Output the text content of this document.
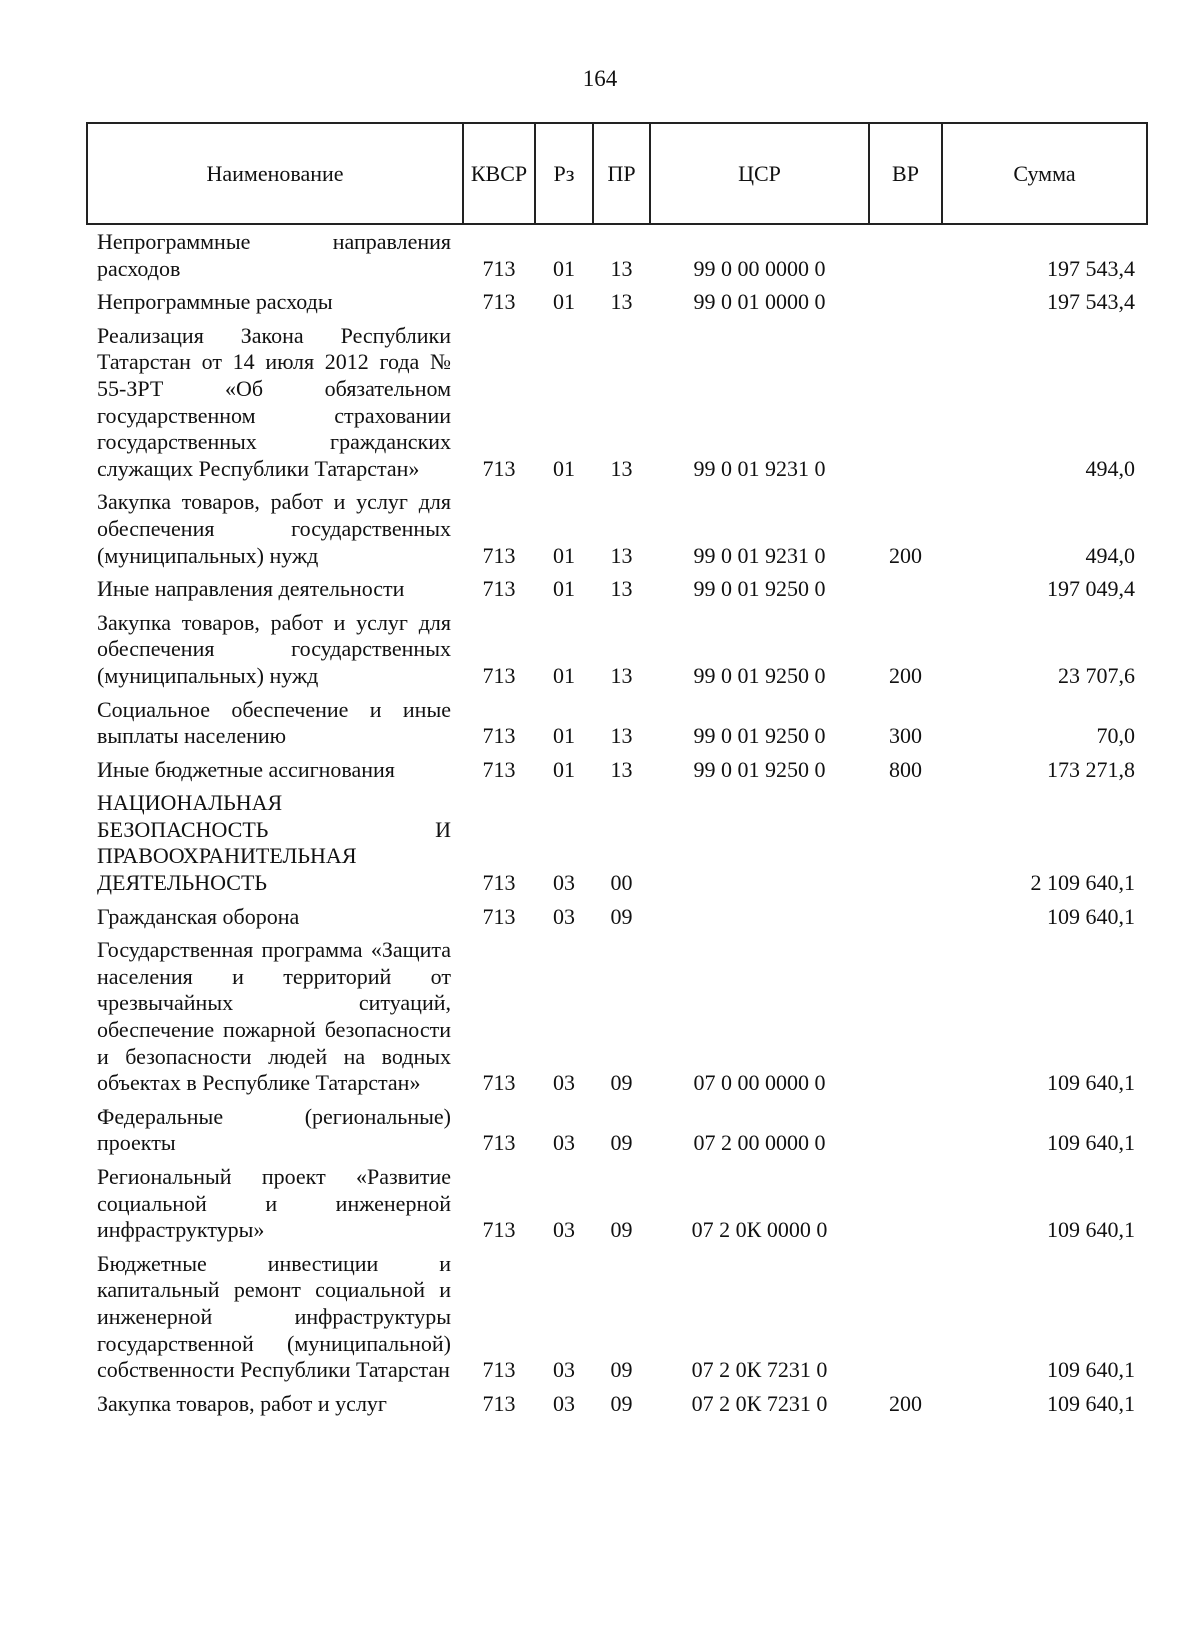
164
Наименование	КВСР	Рз	ПР	ЦСР	ВР	Сумма
Непрограммные направления расходов	713	01	13	99 0 00 0000 0		197 543,4
Непрограммные расходы	713	01	13	99 0 01 0000 0		197 543,4
Реализация Закона Республики Татарстан от 14 июля 2012 года № 55-ЗРТ «Об обязательном государственном страховании государственных гражданских служащих Республики Татарстан»	713	01	13	99 0 01 9231 0		494,0
Закупка товаров, работ и услуг для обеспечения государственных (муниципальных) нужд	713	01	13	99 0 01 9231 0	200	494,0
Иные направления деятельности	713	01	13	99 0 01 9250 0		197 049,4
Закупка товаров, работ и услуг для обеспечения государственных (муниципальных) нужд	713	01	13	99 0 01 9250 0	200	23 707,6
Социальное обеспечение и иные выплаты населению	713	01	13	99 0 01 9250 0	300	70,0
Иные бюджетные ассигнования	713	01	13	99 0 01 9250 0	800	173 271,8
НАЦИОНАЛЬНАЯ БЕЗОПАСНОСТЬ И ПРАВООХРАНИТЕЛЬНАЯ ДЕЯТЕЛЬНОСТЬ	713	03	00			2 109 640,1
Гражданская оборона	713	03	09			109 640,1
Государственная программа «Защита населения и территорий от чрезвычайных ситуаций, обеспечение пожарной безопасности и безопасности людей на водных объектах в Республике Татарстан»	713	03	09	07 0 00 0000 0		109 640,1
Федеральные (региональные) проекты	713	03	09	07 2 00 0000 0		109 640,1
Региональный проект «Развитие социальной и инженерной инфраструктуры»	713	03	09	07 2 0К 0000 0		109 640,1
Бюджетные инвестиции и капитальный ремонт социальной и инженерной инфраструктуры государственной (муниципальной) собственности Республики Татарстан	713	03	09	07 2 0К 7231 0		109 640,1
Закупка товаров, работ и услуг	713	03	09	07 2 0К 7231 0	200	109 640,1
